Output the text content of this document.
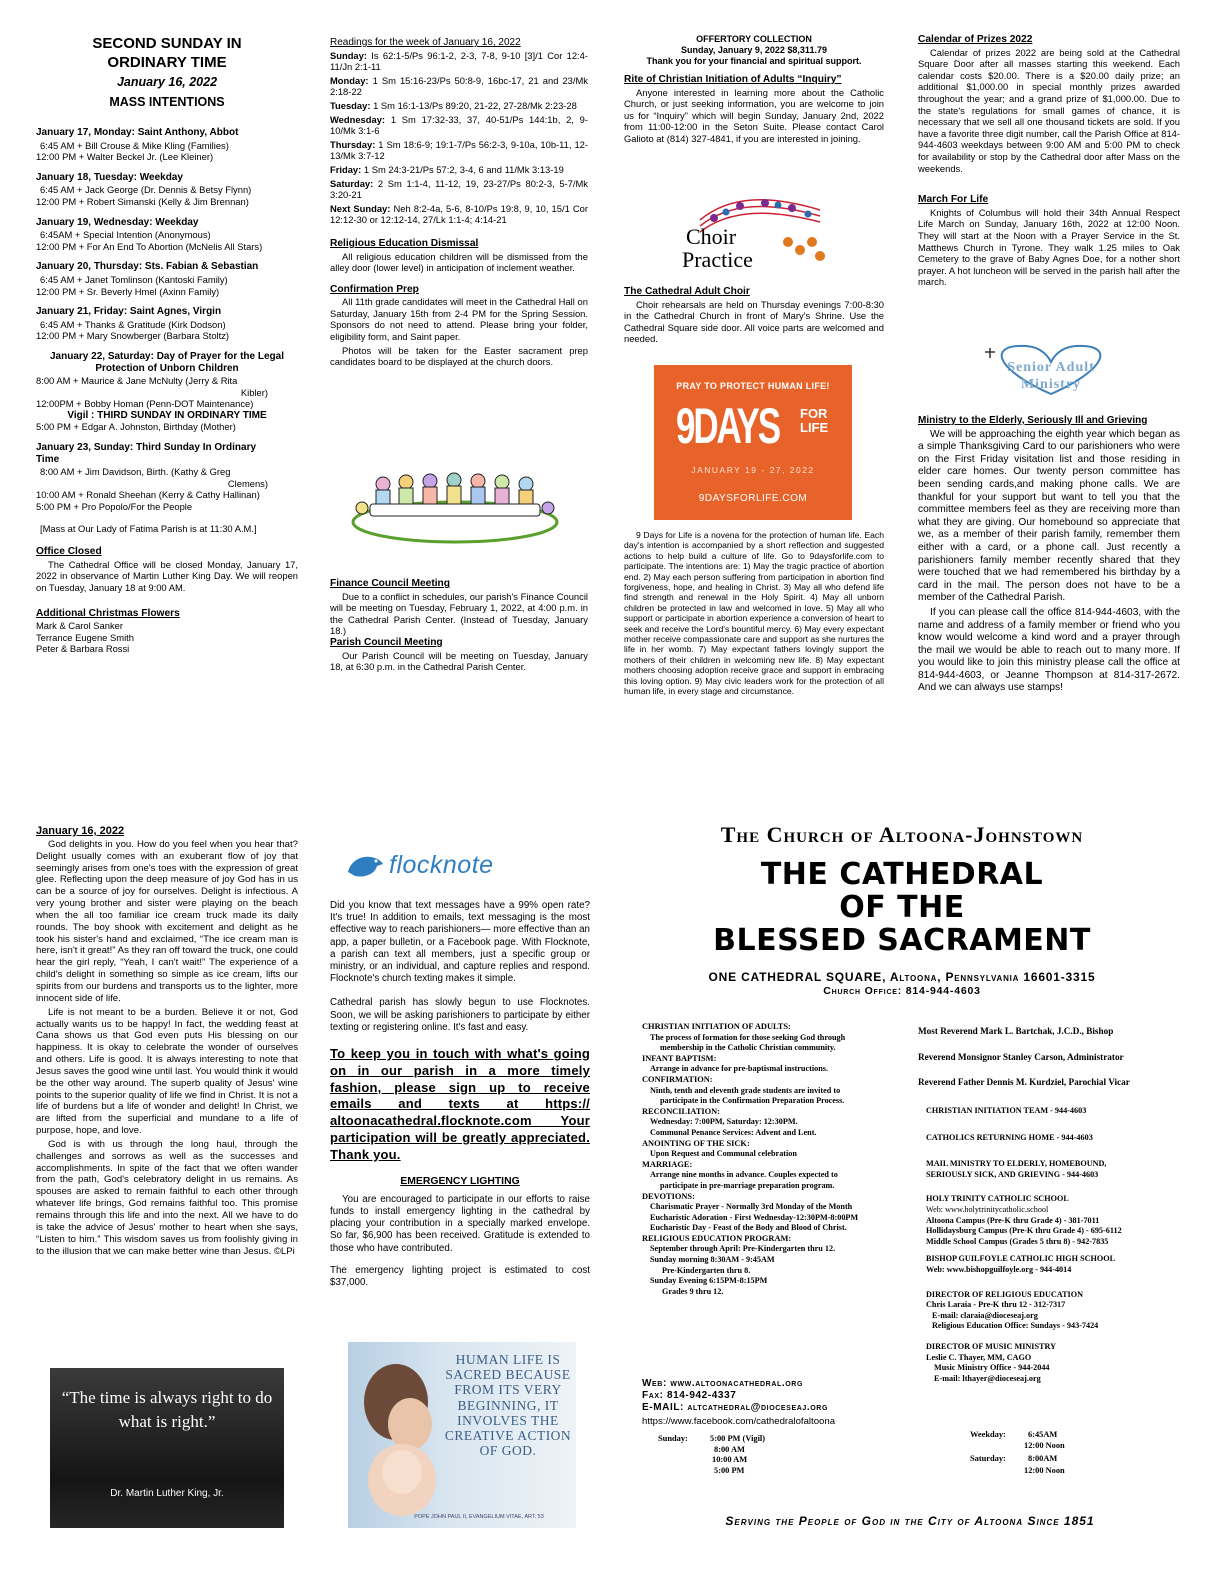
SECOND SUNDAY IN ORDINARY TIME
January 16, 2022
MASS INTENTIONS
January 17, Monday: Saint Anthony, Abbot
6:45 AM + Bill Crouse & Mike Kling (Families)
12:00 PM + Walter Beckel Jr. (Lee Kleiner)
January 18, Tuesday: Weekday
6:45 AM + Jack George (Dr. Dennis & Betsy Flynn)
12:00 PM + Robert Simanski (Kelly & Jim Brennan)
January 19, Wednesday: Weekday
6:45AM + Special Intention (Anonymous)
12:00 PM + For An End To Abortion (McNelis All Stars)
January 20, Thursday: Sts. Fabian & Sebastian
6:45 AM + Janet Tomlinson (Kantoski Family)
12:00 PM + Sr. Beverly Hmel (Axinn Family)
January 21, Friday: Saint Agnes, Virgin
6:45 AM + Thanks & Gratitude (Kirk Dodson)
12:00 PM + Mary Snowberger (Barbara Stoltz)
January 22, Saturday: Day of Prayer for the Legal Protection of Unborn Children
8:00 AM + Maurice & Jane McNulty (Jerry & Rita
Kibler)
12:00PM + Bobby Homan (Penn-DOT Maintenance)
Vigil : THIRD SUNDAY IN ORDINARY TIME
5:00 PM + Edgar A. Johnston, Birthday (Mother)
January 23, Sunday: Third Sunday In Ordinary Time
8:00 AM + Jim Davidson, Birth. (Kathy & Greg
Clemens)
10:00 AM + Ronald Sheehan (Kerry & Cathy Hallinan)
5:00 PM + Pro Popolo/For the People
[Mass at Our Lady of Fatima Parish is at 11:30 A.M.]
Office Closed

The Cathedral Office will be closed Monday, January 17, 2022 in observance of Martin Luther King Day. We will reopen on Tuesday, January 18 at 9:00 AM.

Additional Christmas Flowers
Mark & Carol Sanker
Terrance Eugene Smith
Peter & Barbara Rossi
Readings for the week of January 16, 2022

Sunday: Is 62:1-5/Ps 96:1-2, 2-3, 7-8, 9-10 [3]/1 Cor 12:4-11/Jn 2:1-11

Monday: 1 Sm 15:16-23/Ps 50:8-9, 16bc-17, 21 and 23/Mk 2:18-22

Tuesday: 1 Sm 16:1-13/Ps 89:20, 21-22, 27-28/Mk 2:23-28

Wednesday: 1 Sm 17:32-33, 37, 40-51/Ps 144:1b, 2, 9-10/Mk 3:1-6

Thursday: 1 Sm 18:6-9; 19:1-7/Ps 56:2-3, 9-10a, 10b-11, 12-13/Mk 3:7-12

Friday: 1 Sm 24:3-21/Ps 57:2, 3-4, 6 and 11/Mk 3:13-19

Saturday: 2 Sm 1:1-4, 11-12, 19, 23-27/Ps 80:2-3, 5-7/Mk 3:20-21

Next Sunday: Neh 8:2-4a, 5-6, 8-10/Ps 19:8, 9, 10, 15/1 Cor 12:12-30 or 12:12-14, 27/Lk 1:1-4; 4:14-21

Religious Education Dismissal

All religious education children will be dismissed from the alley door (lower level) in anticipation of inclement weather.

Confirmation Prep

All 11th grade candidates will meet in the Cathedral Hall on Saturday, January 15th from 2-4 PM for the Spring Session. Sponsors do not need to attend. Please bring your folder, eligibility form, and Saint paper.

Photos will be taken for the Easter sacrament prep candidates board to be displayed at the church doors.

Finance Council Meeting

Due to a conflict in schedules, our parish's Finance Council will be meeting on Tuesday, February 1, 2022, at 4:00 p.m. in the Cathedral Parish Center. (Instead of Tuesday, January 18.)

Parish Council Meeting

Our Parish Council will be meeting on Tuesday, January 18, at 6:30 p.m. in the Cathedral Parish Center.

OFFERTORY COLLECTION
Sunday, January 9, 2022 $8,311.79
Thank you for your financial and spiritual support.
Rite of Christian Initiation of Adults “Inquiry”

Anyone interested in learning more about the Catholic Church, or just seeking information, you are welcome to join us for “Inquiry” which will begin Sunday, January 2nd, 2022 from 11:00-12:00 in the Seton Suite. Please contact Carol Galioto at (814) 327-4841, if you are interested in joining.

Choir
Practice
The Cathedral Adult Choir

Choir rehearsals are held on Thursday evenings 7:00-8:30 in the Cathedral Church in front of Mary's Shrine. Use the Cathedral Square side door. All voice parts are welcomed and needed.

PRAY TO PROTECT HUMAN LIFE!
9DAYS FOR
LIFE
JANUARY 19 - 27, 2022
9DAYSFORLIFE.COM

9 Days for Life is a novena for the protection of human life. Each day's intention is accompanied by a short reflection and suggested actions to help build a culture of life. Go to 9daysforlife.com to participate. The intentions are: 1) May the tragic practice of abortion end. 2) May each person suffering from participation in abortion find forgiveness, hope, and healing in Christ. 3) May all who defend life find strength and renewal in the Holy Spirit. 4) May all unborn children be protected in law and welcomed in love. 5) May all who support or participate in abortion experience a conversion of heart to seek and receive the Lord's bountiful mercy. 6) May every expectant mother receive compassionate care and support as she nurtures the life in her womb. 7) May expectant fathers lovingly support the mothers of their children in welcoming new life. 8) May expectant mothers choosing adoption receive grace and support in embracing this loving option. 9) May civic leaders work for the protection of all human life, in every stage and circumstance.

Calendar of Prizes 2022

Calendar of prizes 2022 are being sold at the Cathedral Square Door after all masses starting this weekend. Each calendar costs $20.00. There is a $20.00 daily prize; an additional $1,000.00 in special monthly prizes awarded throughout the year; and a grand prize of $1,000.00. Due to the state's regulations for small games of chance, it is necessary that we sell all one thousand tickets are sold. If you have a favorite three digit number, call the Parish Office at 814-944-4603 weekdays between 9:00 AM and 5:00 PM to check for availability or stop by the Cathedral door after Mass on the weekends.

March For Life

Knights of Columbus will hold their 34th Annual Respect Life March on Sunday, January 16th, 2022 at 12:00 Noon. They will start at the Noon with a Prayer Service in the St. Matthews Church in Tyrone. They walk 1.25 miles to Oak Cemetery to the grave of Baby Agnes Doe, for a nother short prayer. A hot luncheon will be served in the parish hall after the march.

Senior Adult
Ministry
Ministry to the Elderly, Seriously Ill and Grieving

We will be approaching the eighth year which began as a simple Thanksgiving Card to our parishioners who were on the First Friday visitation list and those residing in elder care homes. Our twenty person committee has been sending cards,and making phone calls. We are thankful for your support but want to tell you that the committee members feel as they are receiving more than what they are giving. Our homebound so appreciate that we, as a member of their parish family, remember them either with a card, or a phone call. Just recently a parishioners family member recently shared that they were touched that we had remembered his birthday by a card in the mail. The person does not have to be a member of the Cathedral Parish.

If you can please call the office 814-944-4603, with the name and address of a family member or friend who you know would welcome a kind word and a prayer through the mail we would be able to reach out to many more. If you would like to join this ministry please call the office at 814-944-4603, or Jeanne Thompson at 814-317-2672. And we can always use stamps!

January 16, 2022

God delights in you. How do you feel when you hear that? Delight usually comes with an exuberant flow of joy that seemingly arises from one's toes with the expression of great glee. Reflecting upon the deep measure of joy God has in us can be a source of joy for ourselves. Delight is infectious. A very young brother and sister were playing on the beach when the all too familiar ice cream truck made its daily rounds. The boy shook with excitement and delight as he took his sister's hand and exclaimed, “The ice cream man is here, isn't it great!” As they ran off toward the truck, one could hear the girl reply, “Yeah, I can't wait!” The experience of a child's delight in something so simple as ice cream, lifts our spirits from our burdens and transports us to the lighter, more innocent side of life.

Life is not meant to be a burden. Believe it or not, God actually wants us to be happy! In fact, the wedding feast at Cana shows us that God even puts His blessing on our happiness. It is okay to celebrate the wonder of ourselves and others. Life is good. It is always interesting to note that Jesus saves the good wine until last. You would think it would be the other way around. The superb quality of Jesus' wine points to the superior quality of life we find in Christ. It is not a life of burdens but a life of wonder and delight! In Christ, we are lifted from the superficial and mundane to a life of purpose, hope, and love.

God is with us through the long haul, through the challenges and sorrows as well as the successes and accomplishments. In spite of the fact that we often wander from the path, God's celebratory delight in us remains. As spouses are asked to remain faithful to each other through whatever life brings, God remains faithful too. This promise remains through this life and into the next. All we have to do is take the advice of Jesus' mother to heart when she says, “Listen to him.” This wisdom saves us from foolishly giving in to the illusion that we can make better wine than Jesus. ©LPi

“The time is always right to do what is right.”
Dr. Martin Luther King, Jr.
flocknote

Did you know that text messages have a 99% open rate? It's true! In addition to emails, text messaging is the most effective way to reach parishioners— more effective than an app, a paper bulletin, or a Facebook page. With Flocknote, a parish can text all members, just a specific group or ministry, or an individual, and capture replies and respond. Flocknote's church texting makes it simple.

Cathedral parish has slowly begun to use Flocknotes. Soon, we will be asking parishioners to participate by either texting or registering online. It's fast and easy.

To keep you in touch with what's going on in our parish in a more timely fashion, please sign up to receive emails and texts at https:// altoonacathedral.flocknote.com Your participation will be greatly appreciated. Thank you.

EMERGENCY LIGHTING

You are encouraged to participate in our efforts to raise funds to install emergency lighting in the cathedral by placing your contribution in a specially marked envelope. So far, $6,900 has been received. Gratitude is extended to those who have contributed.

The emergency lighting project is estimated to cost $37,000.

HUMAN LIFE IS SACRED BECAUSE FROM ITS VERY BEGINNING, IT INVOLVES THE CREATIVE ACTION OF GOD.
POPE JOHN PAUL II, EVANGELIUM VITAE, ART. 53
The Church of Altoona-Johnstown
THE CATHEDRAL
OF THE
BLESSED SACRAMENT
ONE CATHEDRAL SQUARE, Altoona, Pennsylvania 16601-3315
Church Office: 814-944-4603

CHRISTIAN INITIATION OF ADULTS:

The process of formation for those seeking God through

membership in the Catholic Christian community.

INFANT BAPTISM:

Arrange in advance for pre-baptismal instructions.

CONFIRMATION:

Ninth, tenth and eleventh grade students are invited to

participate in the Confirmation Preparation Process.

RECONCILIATION:

Wednesday: 7:00PM, Saturday: 12:30PM.

Communal Penance Services: Advent and Lent.

ANOINTING OF THE SICK:

Upon Request and Communal celebration

MARRIAGE:

Arrange nine months in advance. Couples expected to

participate in pre-marriage preparation program.

DEVOTIONS:

Charismatic Prayer - Normally 3rd Monday of the Month

Eucharistic Adoration - First Wednesday-12:30PM-8:00PM

Eucharistic Day - Feast of the Body and Blood of Christ.

RELIGIOUS EDUCATION PROGRAM:

September through April: Pre-Kindergarten thru 12.

Sunday morning 8:30AM - 9:45AM

Pre-Kindergarten thru 8.

Sunday Evening 6:15PM-8:15PM

Grades 9 thru 12.

Web: www.altoonacathedral.org
Fax: 814-942-4337
E-MAIL: altcathedral@dioceseaj.org
https://www.facebook.com/cathedralofaltoona
Sunday:	5:00 PM (Vigil)

8:00 AM

10:00 AM

5:00 PM

Most Reverend Mark L. Bartchak, J.C.D., Bishop

Reverend Monsignor Stanley Carson, Administrator

Reverend Father Dennis M. Kurdziel, Parochial Vicar

CHRISTIAN INITIATION TEAM - 944-4603

CATHOLICS RETURNING HOME - 944-4603

MAIL MINISTRY TO ELDERLY, HOMEBOUND,

SERIOUSLY SICK, AND GRIEVING - 944-4603

HOLY TRINITY CATHOLIC SCHOOL

Web: www.holytrinitycatholic.school

Altoona Campus (Pre-K thru Grade 4) - 381-7011

Hollidaysburg Campus (Pre-K thru Grade 4) - 695-6112

Middle School Campus (Grades 5 thru 8) - 942-7835

BISHOP GUILFOYLE CATHOLIC HIGH SCHOOL

Web: www.bishopguilfoyle.org - 944-4014

DIRECTOR OF RELIGIOUS EDUCATION

Chris Laraia - Pre-K thru 12 - 312-7317

E-mail: claraia@dioceseaj.org

Religious Education Office: Sundays - 943-7424

DIRECTOR OF MUSIC MINISTRY

Leslie C. Thayer, MM, CAGO

Music Ministry Office - 944-2044

E-mail: lthayer@dioceseaj.org

Weekday:	6:45AM
12:00 Noon
Saturday:	8:00AM
12:00 Noon
Serving the People of God in the City of Altoona Since 1851
